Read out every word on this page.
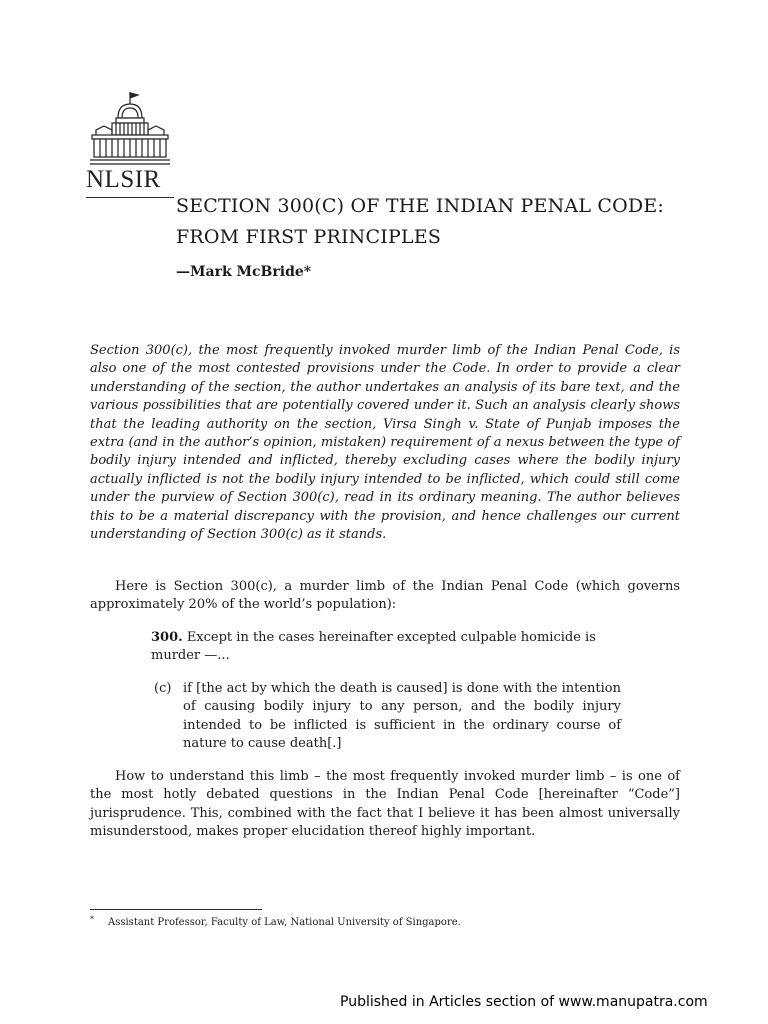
NLSIR
SECTION 300(C) OF THE INDIAN PENAL CODE: FROM FIRST PRINCIPLES
—Mark McBride*

Section 300(c), the most frequently invoked murder limb of the Indian Penal Code, is also one of the most contested provisions under the Code. In order to provide a clear understanding of the section, the author undertakes an analysis of its bare text, and the various possibilities that are potentially covered under it. Such an analysis clearly shows that the leading authority on the section, Virsa Singh v. State of Punjab imposes the extra (and in the author’s opinion, mistaken) requirement of a nexus between the type of bodily injury intended and inflicted, thereby excluding cases where the bodily injury actually inflicted is not the bodily injury intended to be inflicted, which could still come under the purview of Section 300(c), read in its ordinary meaning. The author believes this to be a material discrepancy with the provision, and hence challenges our current understanding of Section 300(c) as it stands.

Here is Section 300(c), a murder limb of the Indian Penal Code (which governs approximately 20% of the world’s population):

300. Except in the cases hereinafter excepted culpable homicide is murder —...

(c) if [the act by which the death is caused] is done with the intention of causing bodily injury to any person, and the bodily injury intended to be inflicted is sufficient in the ordinary course of nature to cause death[.]

How to understand this limb – the most frequently invoked murder limb – is one of the most hotly debated questions in the Indian Penal Code [hereinafter “Code”] jurisprudence. This, combined with the fact that I believe it has been almost universally misunderstood, makes proper elucidation thereof highly important.

* Assistant Professor, Faculty of Law, National University of Singapore.
Published in Articles section of www.manupatra.com
